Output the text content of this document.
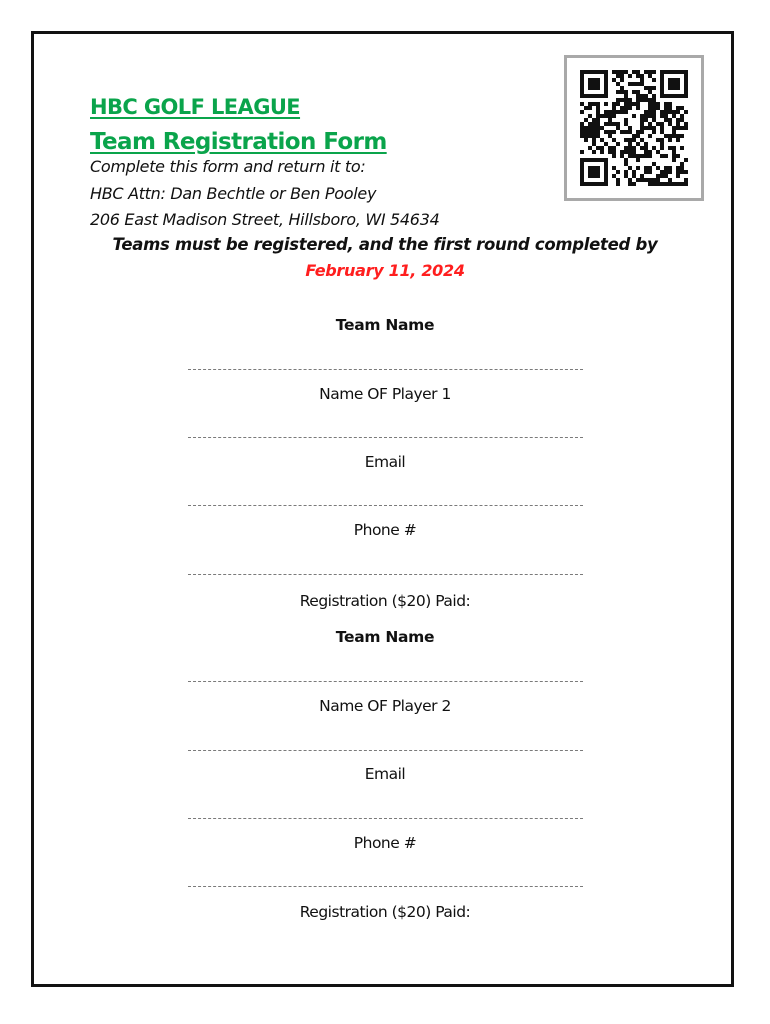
HBC GOLF LEAGUE
Team Registration Form
Complete this form and return it to:
HBC Attn: Dan Bechtle or Ben Pooley
206 East Madison Street, Hillsboro, WI 54634
Teams must be registered, and the first round completed by
February 11, 2024
Team Name
Name OF Player 1
Email
Phone #
Registration ($20) Paid:
Team Name
Name OF Player 2
Email
Phone #
Registration ($20) Paid:
